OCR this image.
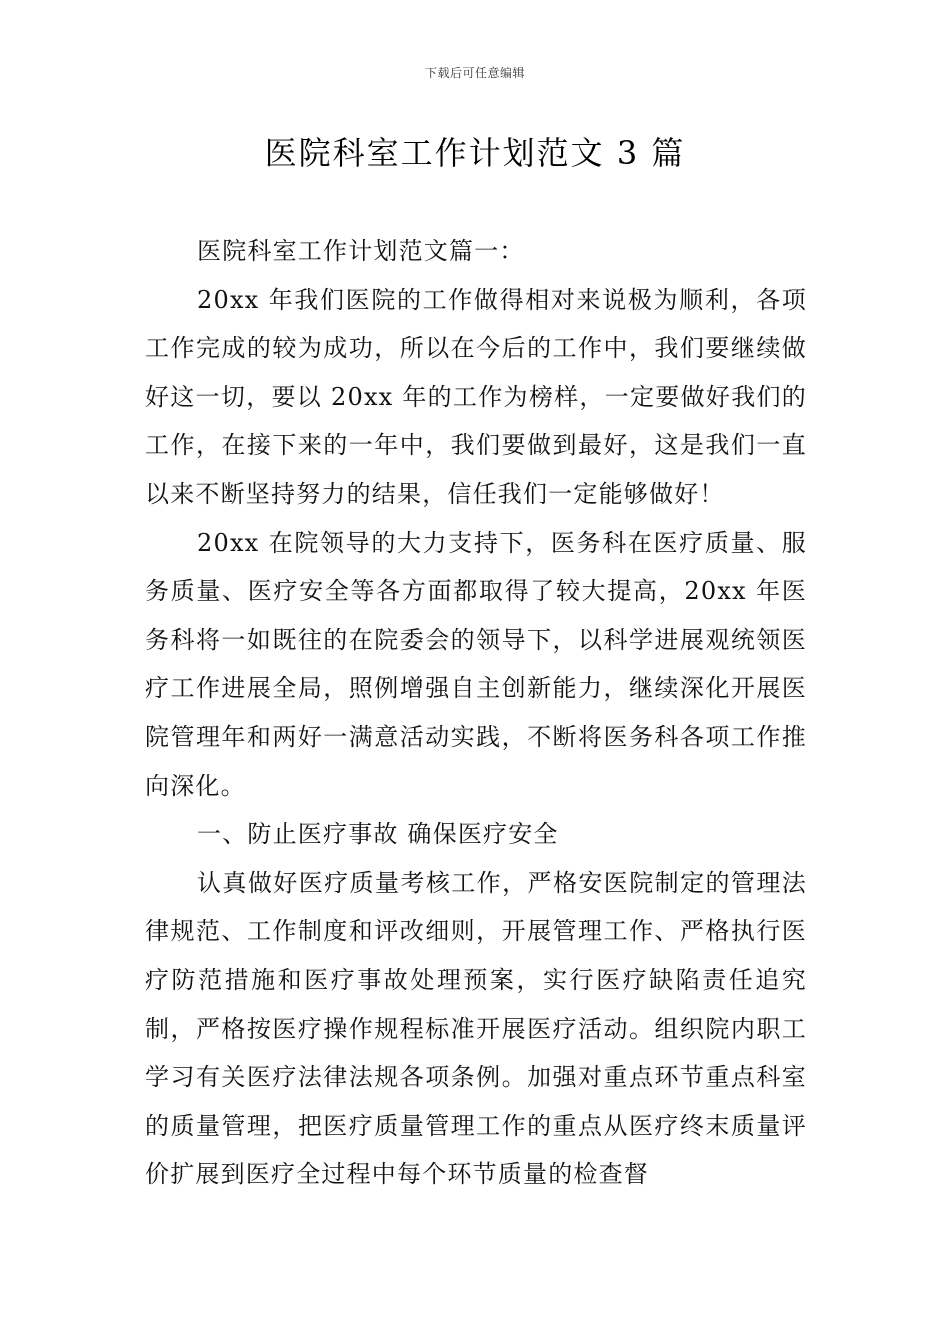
下载后可任意编辑
医院科室工作计划范文 3 篇

医院科室工作计划范文篇一：

20xx 年我们医院的工作做得相对来说极为顺利，各项工作完成的较为成功，所以在今后的工作中，我们要继续做好这一切，要以 20xx 年的工作为榜样，一定要做好我们的工作，在接下来的一年中，我们要做到最好，这是我们一直以来不断坚持努力的结果，信任我们一定能够做好！

20xx 在院领导的大力支持下，医务科在医疗质量、服务质量、医疗安全等各方面都取得了较大提高，20xx 年医务科将一如既往的在院委会的领导下，以科学进展观统领医疗工作进展全局，照例增强自主创新能力，继续深化开展医院管理年和两好一满意活动实践，不断将医务科各项工作推向深化。

一、防止医疗事故 确保医疗安全

认真做好医疗质量考核工作，严格安医院制定的管理法律规范、工作制度和评改细则，开展管理工作、严格执行医疗防范措施和医疗事故处理预案，实行医疗缺陷责任追究制，严格按医疗操作规程标准开展医疗活动。组织院内职工学习有关医疗法律法规各项条例。加强对重点环节重点科室的质量管理，把医疗质量管理工作的重点从医疗终末质量评价扩展到医疗全过程中每个环节质量的检查督
